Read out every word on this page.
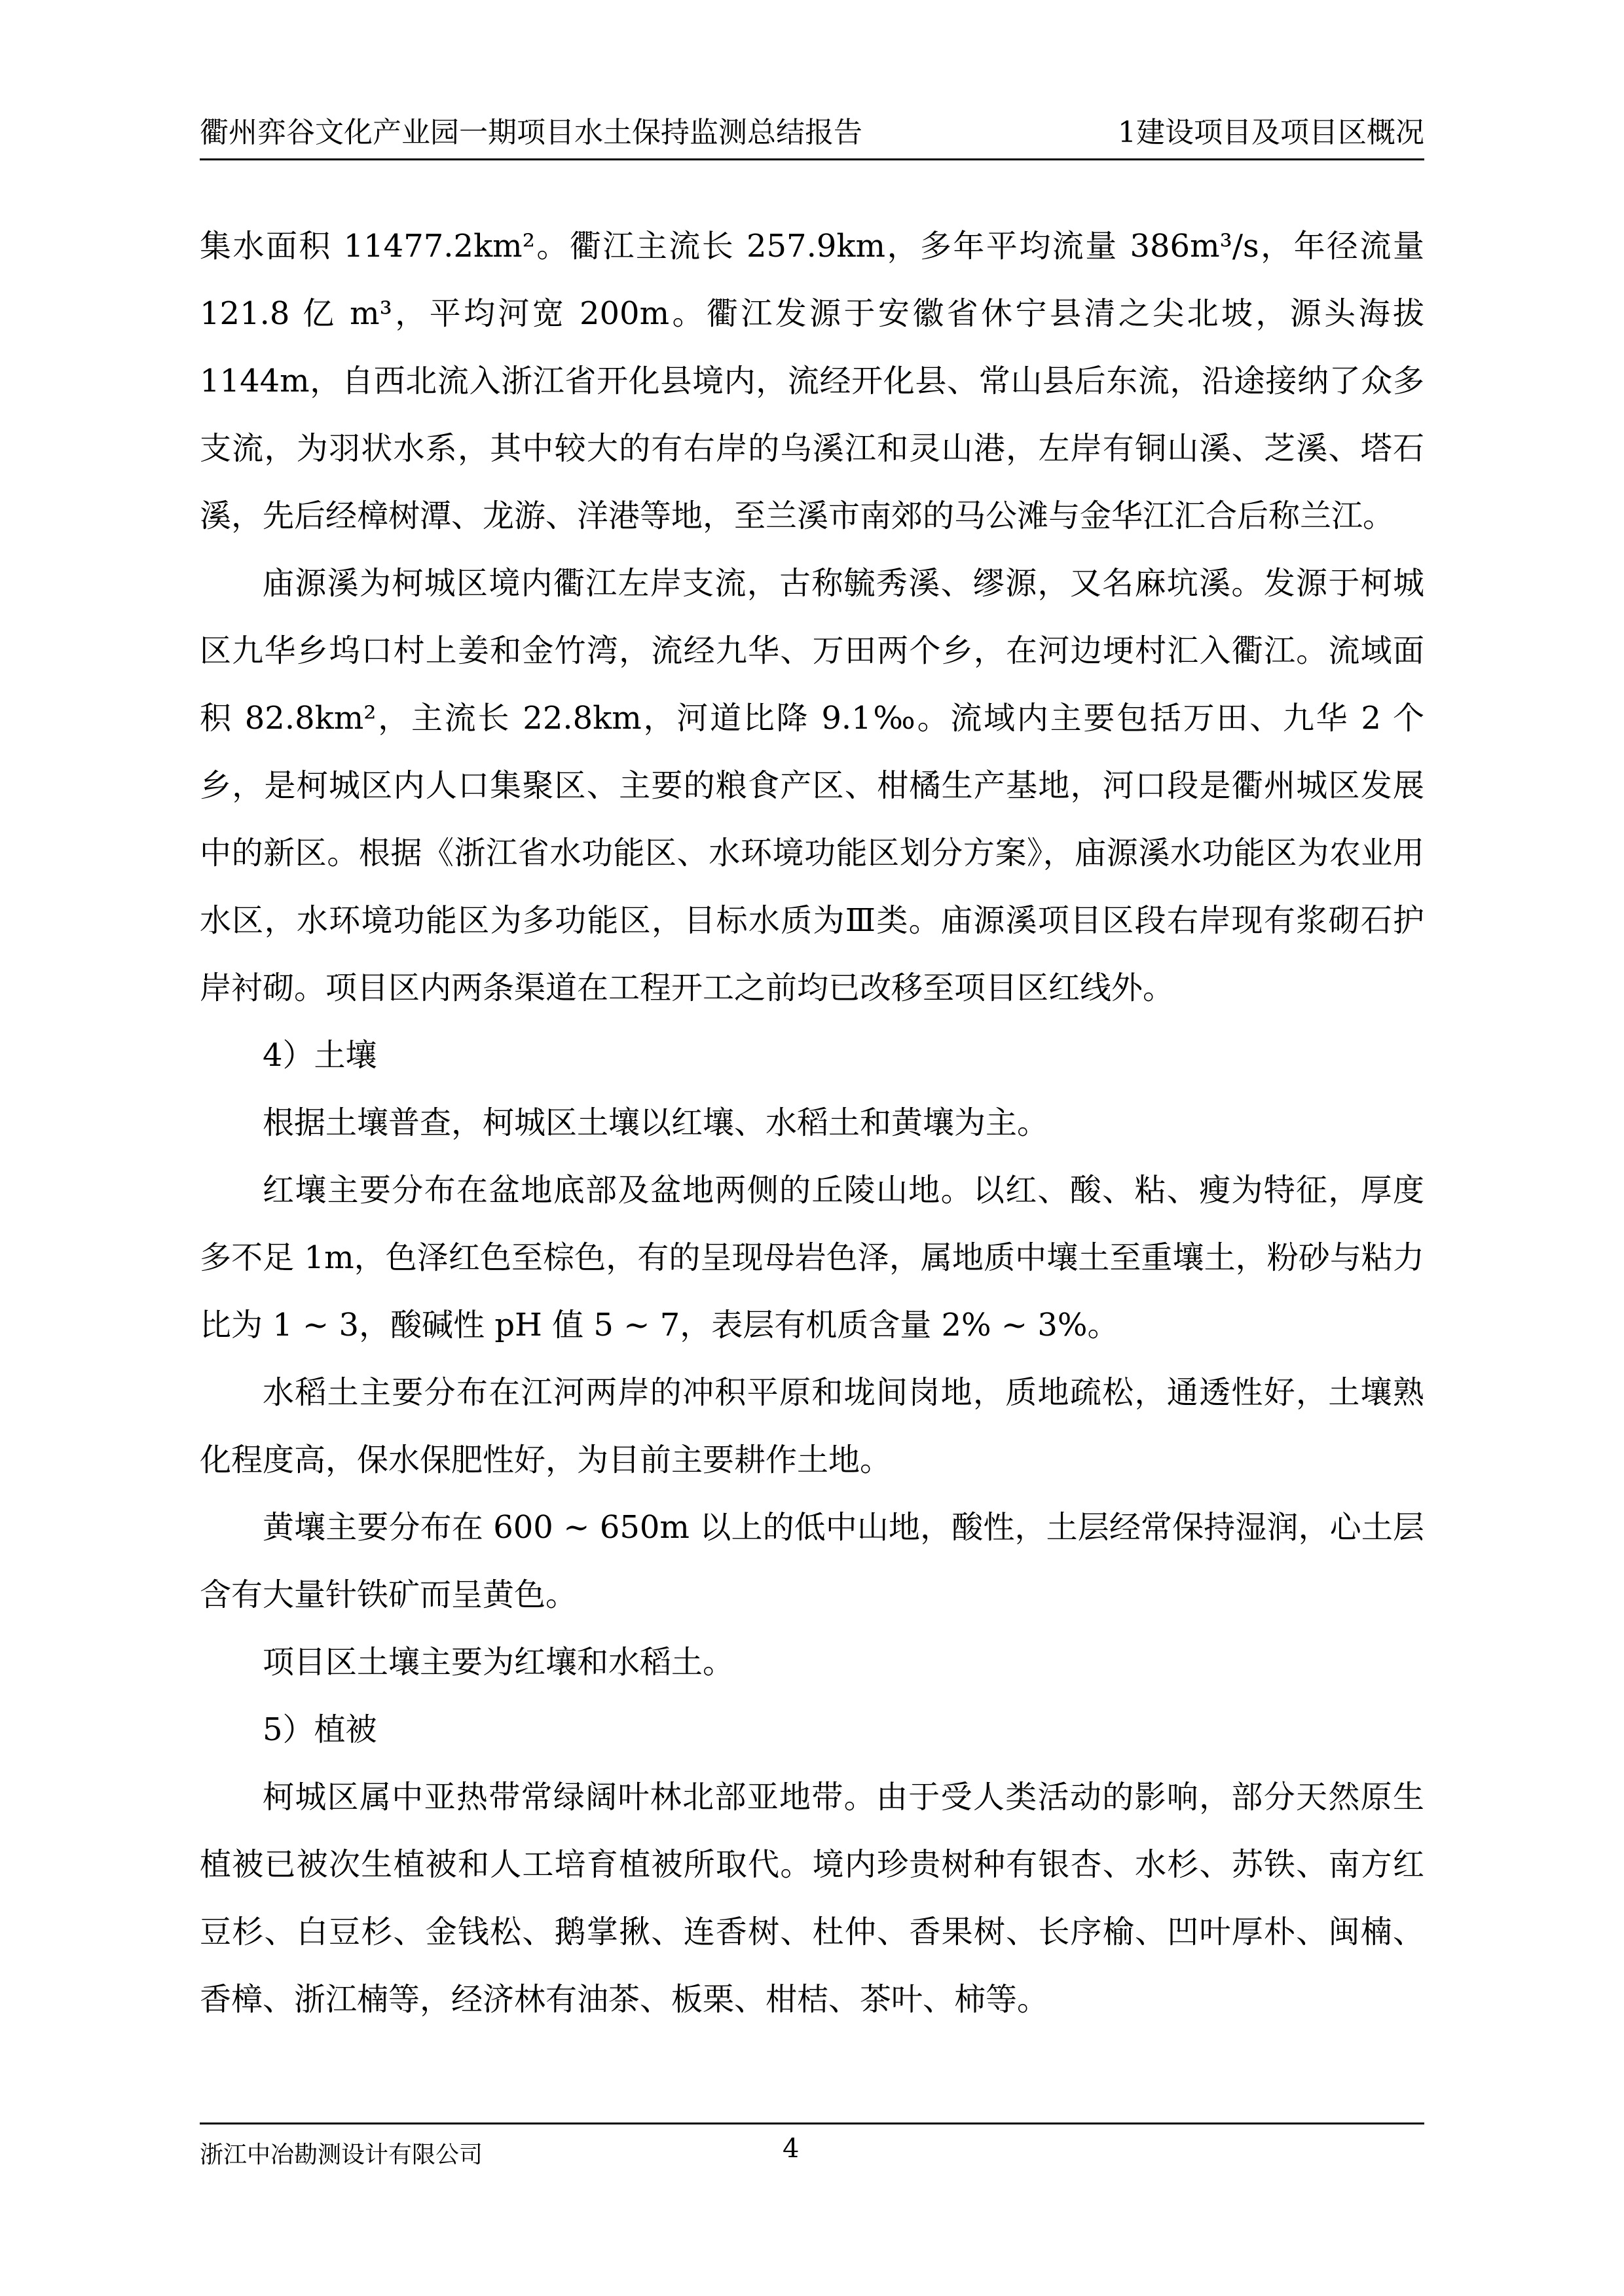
衢州弈谷文化产业园一期项目水土保持监测总结报告	1建设项目及项目区概况

集水面积 11477.2km²。衢江主流长 257.9km，多年平均流量 386m³/s，年径流量 121.8 亿 m³，平均河宽 200m。衢江发源于安徽省休宁县清之尖北坡，源头海拔 1144m，自西北流入浙江省开化县境内，流经开化县、常山县后东流，沿途接纳了众多支流，为羽状水系，其中较大的有右岸的乌溪江和灵山港，左岸有铜山溪、芝溪、塔石溪，先后经樟树潭、龙游、洋港等地，至兰溪市南郊的马公滩与金华江汇合后称兰江。

庙源溪为柯城区境内衢江左岸支流，古称毓秀溪、缪源，又名麻坑溪。发源于柯城区九华乡坞口村上姜和金竹湾，流经九华、万田两个乡，在河边埂村汇入衢江。流域面积 82.8km²，主流长 22.8km，河道比降 9.1‰。流域内主要包括万田、九华 2 个乡，是柯城区内人口集聚区、主要的粮食产区、柑橘生产基地，河口段是衢州城区发展中的新区。根据《浙江省水功能区、水环境功能区划分方案》，庙源溪水功能区为农业用水区，水环境功能区为多功能区，目标水质为Ⅲ类。庙源溪项目区段右岸现有浆砌石护岸衬砌。项目区内两条渠道在工程开工之前均已改移至项目区红线外。

4）土壤

根据土壤普查，柯城区土壤以红壤、水稻土和黄壤为主。

红壤主要分布在盆地底部及盆地两侧的丘陵山地。以红、酸、粘、瘦为特征，厚度多不足 1m，色泽红色至棕色，有的呈现母岩色泽，属地质中壤土至重壤土，粉砂与粘力比为 1 ~ 3，酸碱性 pH 值 5 ~ 7，表层有机质含量 2% ~ 3%。

水稻土主要分布在江河两岸的冲积平原和垅间岗地，质地疏松，通透性好，土壤熟化程度高，保水保肥性好，为目前主要耕作土地。

黄壤主要分布在 600 ~ 650m 以上的低中山地，酸性，土层经常保持湿润，心土层含有大量针铁矿而呈黄色。

项目区土壤主要为红壤和水稻土。

5）植被

柯城区属中亚热带常绿阔叶林北部亚地带。由于受人类活动的影响，部分天然原生植被已被次生植被和人工培育植被所取代。境内珍贵树种有银杏、水杉、苏铁、南方红豆杉、白豆杉、金钱松、鹅掌揪、连香树、杜仲、香果树、长序榆、凹叶厚朴、闽楠、香樟、浙江楠等，经济林有油茶、板栗、柑桔、茶叶、柿等。

浙江中冶勘测设计有限公司	4
